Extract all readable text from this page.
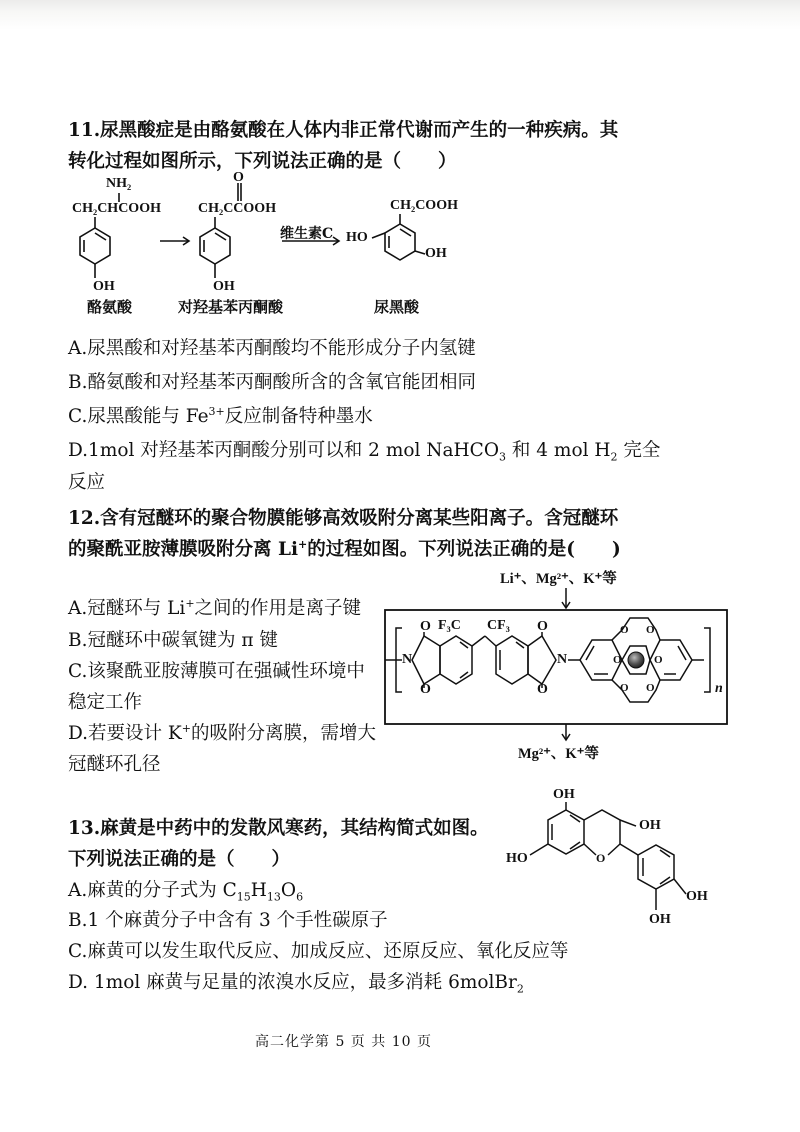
11.尿黑酸症是由酪氨酸在人体内非正常代谢而产生的一种疾病。其
转化过程如图所示，下列说法正确的是（　　）
NH₂
CH₂CHCOOH
OH
酪氨酸
O
CH₂CCOOH
OH
对羟基苯丙酮酸
维生素C
CH₂COOH
HO
OH
尿黑酸
A.尿黑酸和对羟基苯丙酮酸均不能形成分子内氢键
B.酪氨酸和对羟基苯丙酮酸所含的含氧官能团相同
C.尿黑酸能与 $Fe^{3+}$反应制备特种墨水
D.1mol 对羟基苯丙酮酸分别可以和 2 mol NaHCO$_3$ 和 4 mol $H_2$ 完全
反应
12.含有冠醚环的聚合物膜能够高效吸附分离某些阳离子。含冠醚环
的聚酰亚胺薄膜吸附分离 Li+的过程如图。下列说法正确的是(　　)
A.冠醚环与 Li+之间的作用是离子键
B.冠醚环中碳氧键为 π 键
C.该聚酰亚胺薄膜可在强碱性环境中
稳定工作
D.若要设计 K+的吸附分离膜，需增大
冠醚环孔径
Li⁺、Mg²⁺、K⁺等
Mg²⁺、K⁺等
F₃C CF₃
O
O
O
O
N	N
n
O O
O	O
O O
13.麻黄是中药中的发散风寒药，其结构简式如图。
下列说法正确的是（　　）
A.麻黄的分子式为 $C_{15}H_{13}O_6$
B.1 个麻黄分子中含有 3 个手性碳原子
C.麻黄可以发生取代反应、加成反应、还原反应、氧化反应等
D. 1mol 麻黄与足量的浓溴水反应，最多消耗 6molBr$_2$
OH
OH
HO	O
OH
OH
高二化学第 5 页 共 10 页
